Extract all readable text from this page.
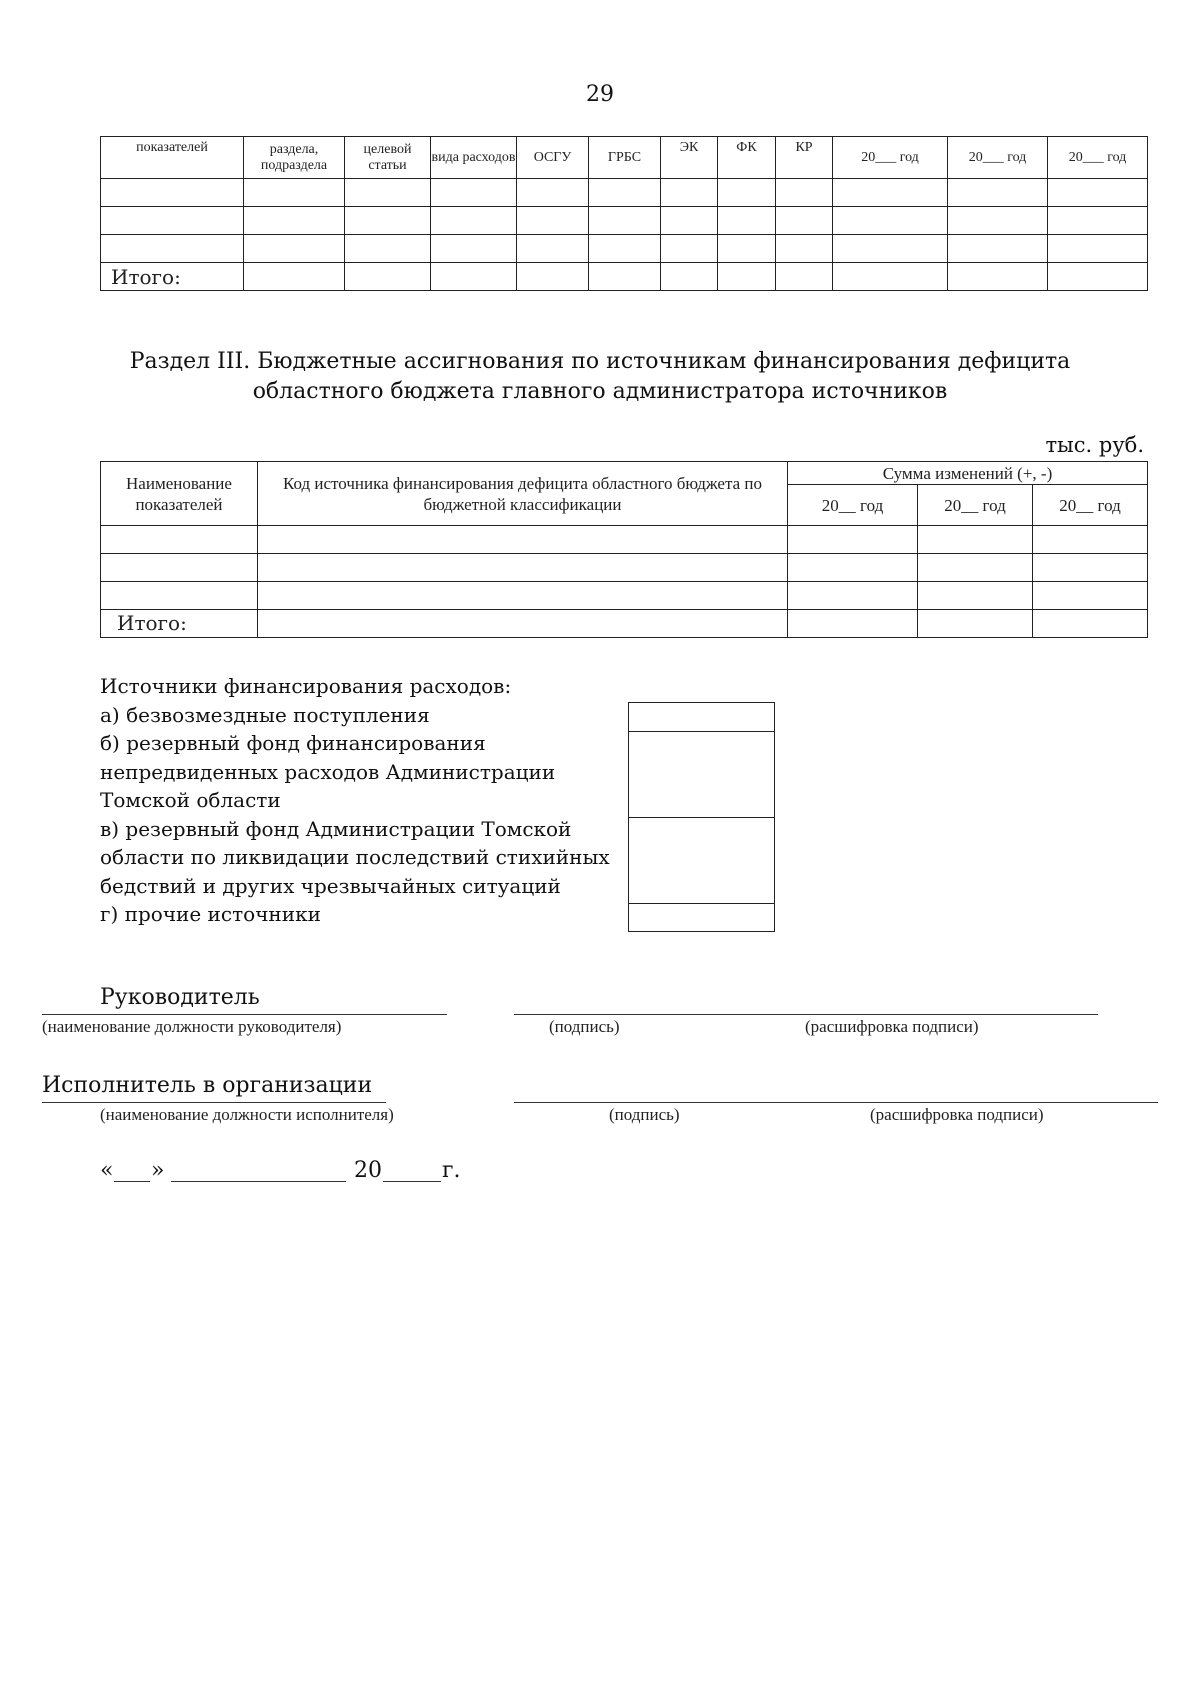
29
показателей	раздела, подраздела	целевой статьи	вида расходов	ОСГУ	ГРБС	ЭК	ФК	КР	20___ год	20___ год	20___ год

Итого:											
Раздел III. Бюджетные ассигнования по источникам финансирования дефицита
областного бюджета главного администратора источников
тыс. руб.
Наименование показателей	Код источника финансирования дефицита областного бюджета по бюджетной классификации	Сумма изменений (+, -)		
		20__ год	20__ год	20__ год

Итого:				
Источники финансирования расходов:
а) безвозмездные поступления
б) резервный фонд финансирования
непредвиденных расходов Администрации
Томской области
в) резервный фонд Администрации Томской
области по ликвидации последствий стихийных
бедствий и других чрезвычайных ситуаций
г) прочие источники
Руководитель
(наименование должности руководителя)	(подпись)	(расшифровка подписи)
Исполнитель в организации
(наименование должности исполнителя)	(подпись)	(расшифровка подписи)
« »	20	г.
